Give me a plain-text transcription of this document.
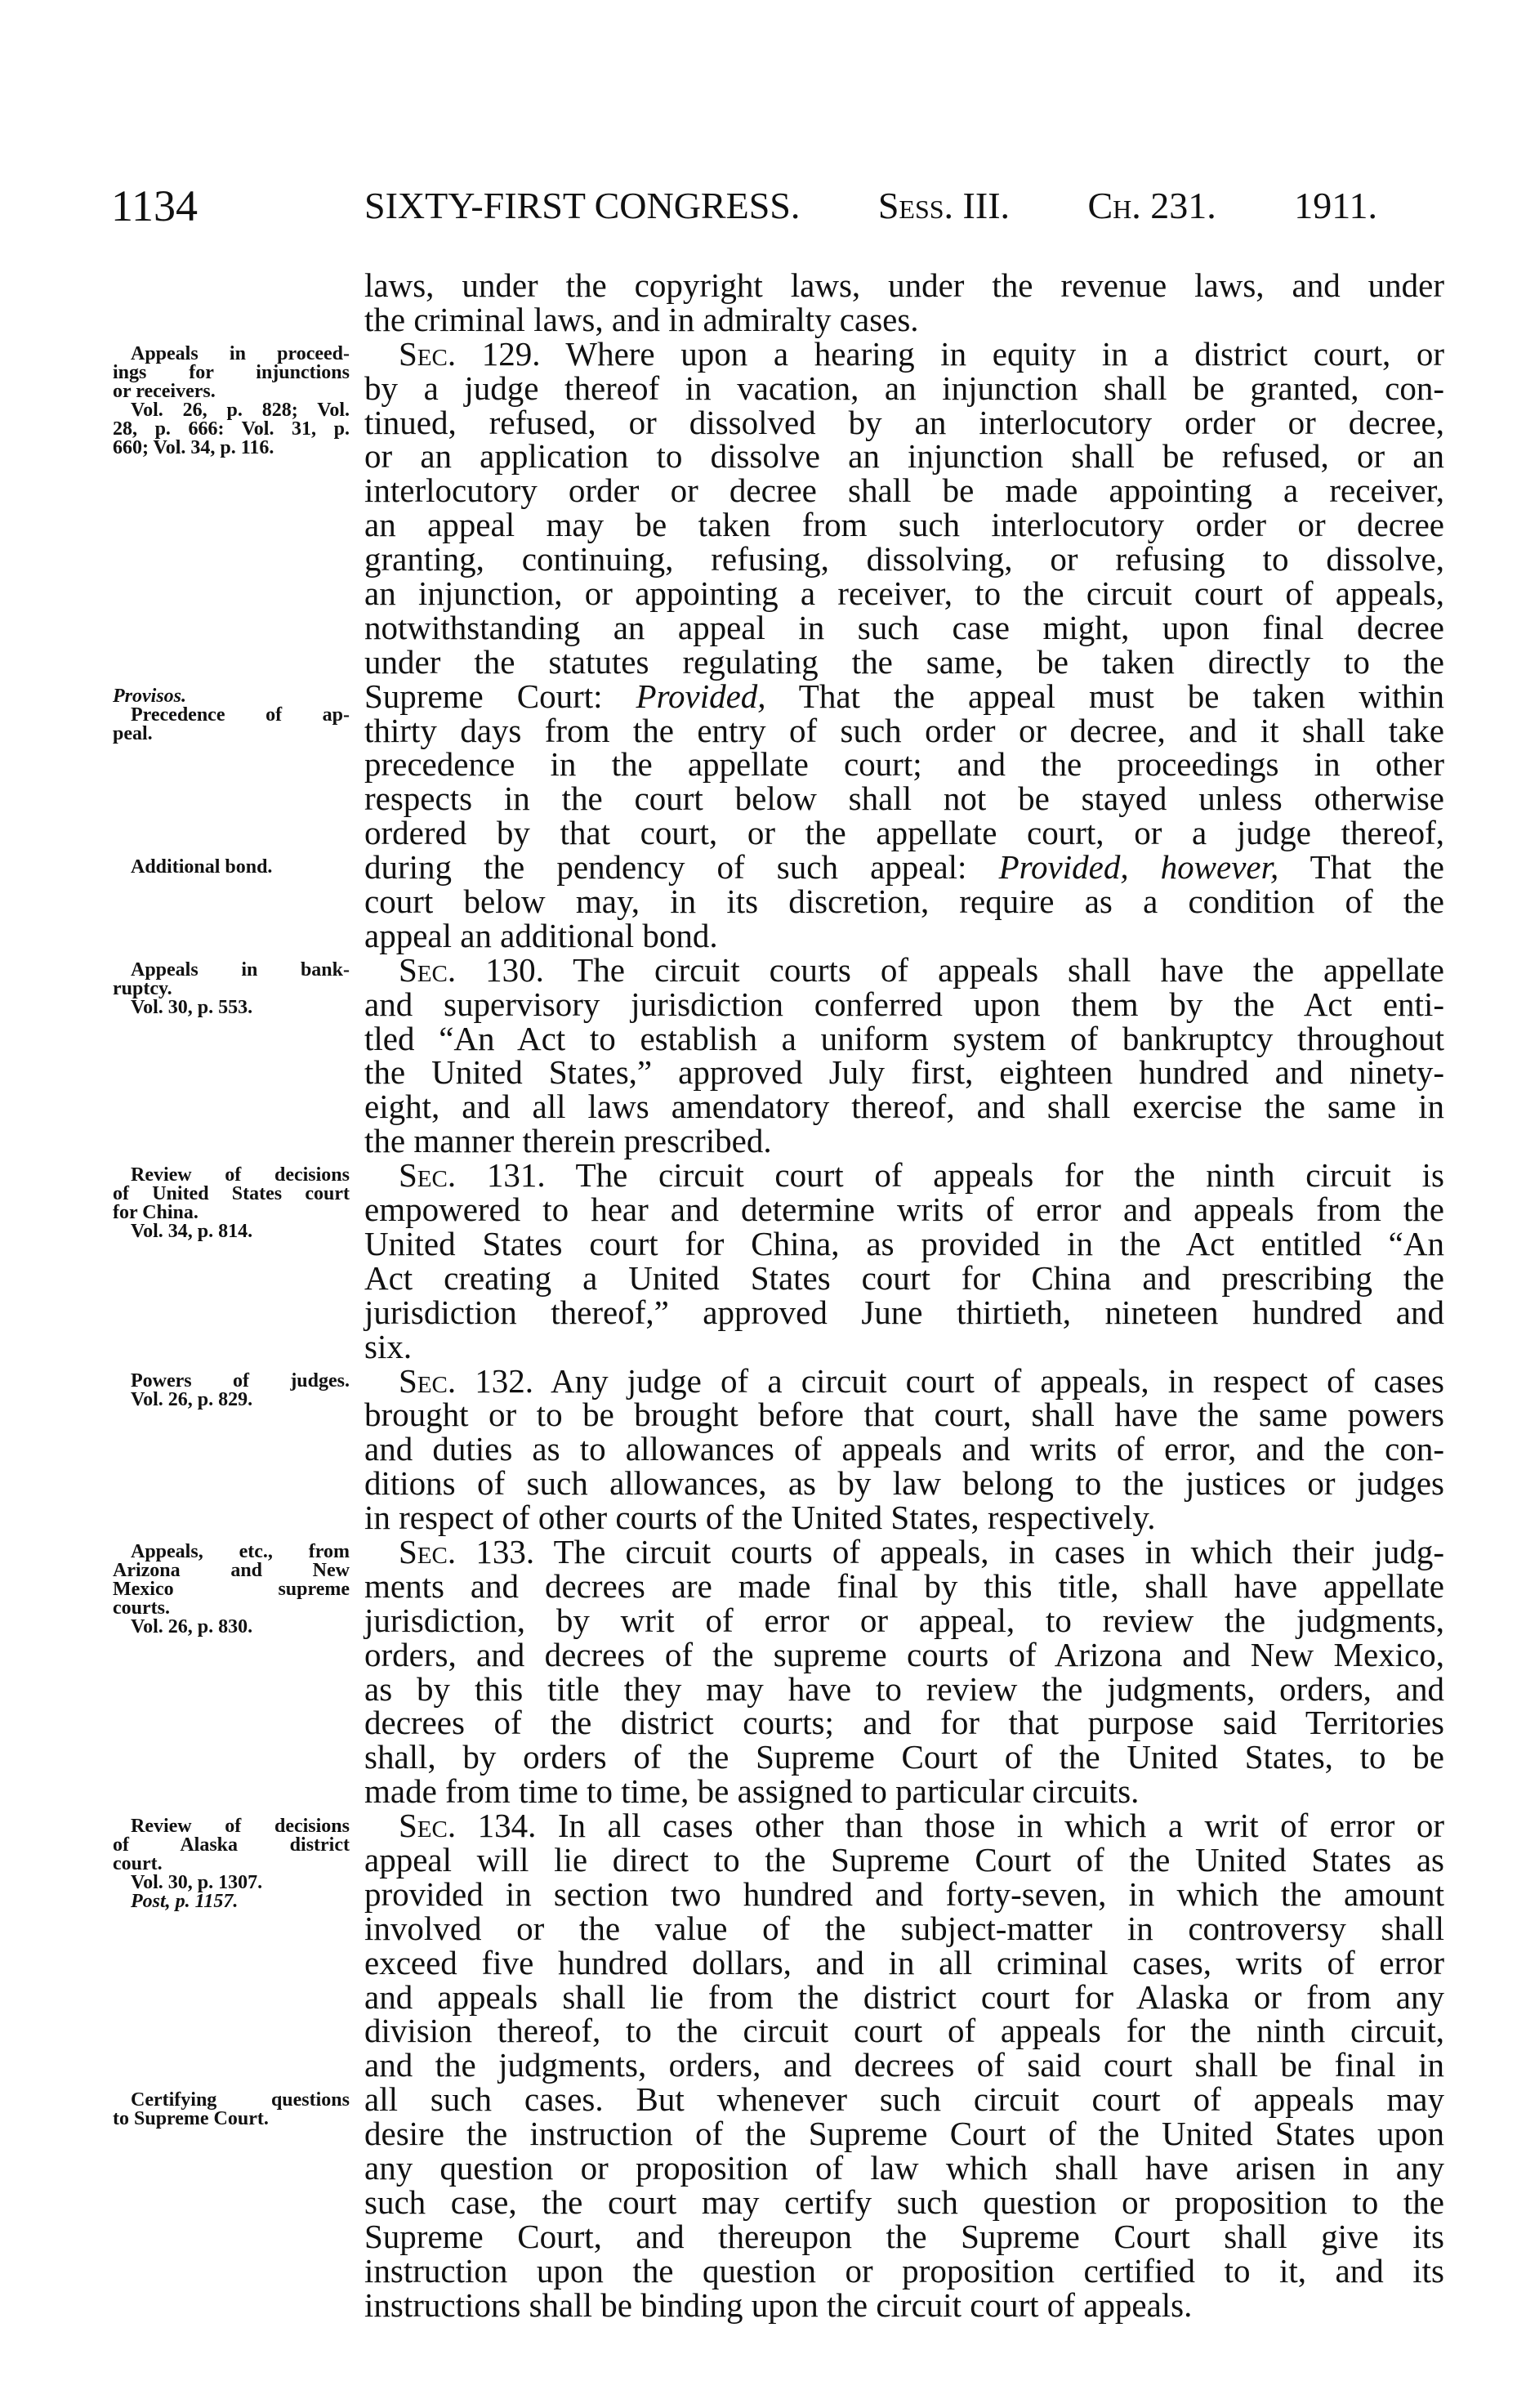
1134	SIXTY-FIRST CONGRESS. Sess. III. Ch. 231. 1911.
laws, under the copyright laws, under the revenue laws, and under
the criminal laws, and in admiralty cases.
Sec. 129. Where upon a hearing in equity in a district court, or
by a judge thereof in vacation, an injunction shall be granted, con-
tinued, refused, or dissolved by an interlocutory order or decree,
or an application to dissolve an injunction shall be refused, or an
interlocutory order or decree shall be made appointing a receiver,
an appeal may be taken from such interlocutory order or decree
granting, continuing, refusing, dissolving, or refusing to dissolve,
an injunction, or appointing a receiver, to the circuit court of appeals,
notwithstanding an appeal in such case might, upon final decree
under the statutes regulating the same, be taken directly to the
Supreme Court: Provided, That the appeal must be taken within
thirty days from the entry of such order or decree, and it shall take
precedence in the appellate court; and the proceedings in other
respects in the court below shall not be stayed unless otherwise
ordered by that court, or the appellate court, or a judge thereof,
during the pendency of such appeal: Provided, however, That the
court below may, in its discretion, require as a condition of the
appeal an additional bond.
Sec. 130. The circuit courts of appeals shall have the appellate
and supervisory jurisdiction conferred upon them by the Act enti-
tled “An Act to establish a uniform system of bankruptcy throughout
the United States,” approved July first, eighteen hundred and ninety-
eight, and all laws amendatory thereof, and shall exercise the same in
the manner therein prescribed.
Sec. 131. The circuit court of appeals for the ninth circuit is
empowered to hear and determine writs of error and appeals from the
United States court for China, as provided in the Act entitled “An
Act creating a United States court for China and prescribing the
jurisdiction thereof,” approved June thirtieth, nineteen hundred and
six.
Sec. 132. Any judge of a circuit court of appeals, in respect of cases
brought or to be brought before that court, shall have the same powers
and duties as to allowances of appeals and writs of error, and the con-
ditions of such allowances, as by law belong to the justices or judges
in respect of other courts of the United States, respectively.
Sec. 133. The circuit courts of appeals, in cases in which their judg-
ments and decrees are made final by this title, shall have appellate
jurisdiction, by writ of error or appeal, to review the judgments,
orders, and decrees of the supreme courts of Arizona and New Mexico,
as by this title they may have to review the judgments, orders, and
decrees of the district courts; and for that purpose said Territories
shall, by orders of the Supreme Court of the United States, to be
made from time to time, be assigned to particular circuits.
Sec. 134. In all cases other than those in which a writ of error or
appeal will lie direct to the Supreme Court of the United States as
provided in section two hundred and forty-seven, in which the amount
involved or the value of the subject-matter in controversy shall
exceed five hundred dollars, and in all criminal cases, writs of error
and appeals shall lie from the district court for Alaska or from any
division thereof, to the circuit court of appeals for the ninth circuit,
and the judgments, orders, and decrees of said court shall be final in
all such cases. But whenever such circuit court of appeals may
desire the instruction of the Supreme Court of the United States upon
any question or proposition of law which shall have arisen in any
such case, the court may certify such question or proposition to the
Supreme Court, and thereupon the Supreme Court shall give its
instruction upon the question or proposition certified to it, and its
instructions shall be binding upon the circuit court of appeals.
Appeals in proceed-
ings for injunctions
or receivers.
Vol. 26, p. 828; Vol.
28, p. 666: Vol. 31, p.
660; Vol. 34, p. 116.
Provisos.
Precedence of ap-
peal.
Additional bond.
Appeals in bank-
ruptcy.
Vol. 30, p. 553.
Review of decisions
of United States court
for China.
Vol. 34, p. 814.
Powers of judges.
Vol. 26, p. 829.
Appeals, etc., from
Arizona and New
Mexico supreme
courts.
Vol. 26, p. 830.
Review of decisions
of Alaska district
court.
Vol. 30, p. 1307.
Post, p. 1157.
Certifying questions
to Supreme Court.
